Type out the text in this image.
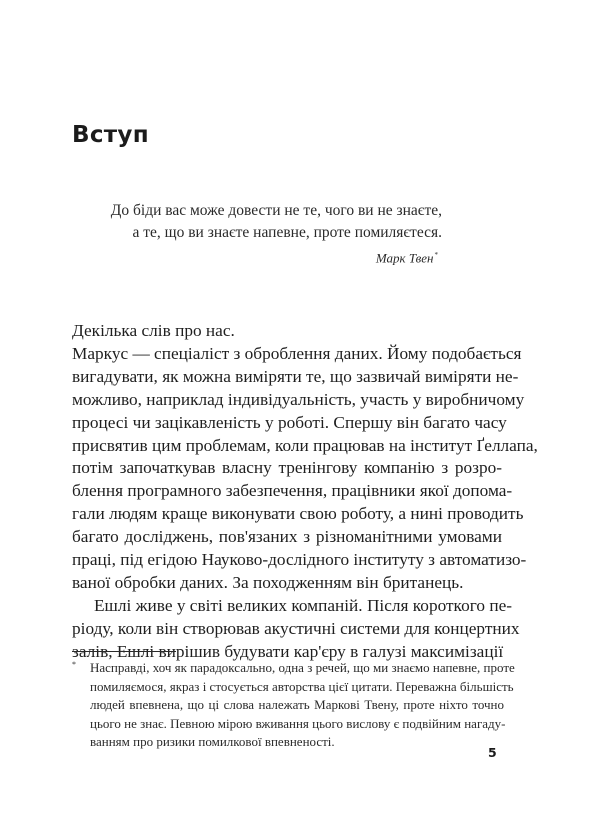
Вступ
До біди вас може довести не те, чого ви не знаєте,
а те, що ви знаєте напевне, проте помиляєтеся.
Марк Твен*
Декілька слів про нас.
Маркус — спеціаліст з оброблення даних. Йому подобається
вигадувати, як можна виміряти те, що зазвичай виміряти не-
можливо, наприклад індивідуальність, участь у виробничому
процесі чи зацікавленість у роботі. Спершу він багато часу
присвятив цим проблемам, коли працював на інститут Ґеллапа,
потім започаткував власну тренінгову компанію з розро-
блення програмного забезпечення, працівники якої допома-
гали людям краще виконувати свою роботу, а нині проводить
багато досліджень, пов'язаних з різноманітними умовами
праці, під егідою Науково-дослідного інституту з автоматизо-
ваної обробки даних. За походженням він британець.
Ешлі живе у світі великих компаній. Після короткого пе-
ріоду, коли він створював акустичні системи для концертних
залів, Ешлі вирішив будувати кар'єру в галузі максимізації
* Насправді, хоч як парадоксально, одна з речей, що ми знаємо напевне, проте
помиляємося, якраз і стосується авторства цієї цитати. Переважна більшість
людей впевнена, що ці слова належать Маркові Твену, проте ніхто точно
цього не знає. Певною мірою вживання цього вислову є подвійним нагаду-
ванням про ризики помилкової впевненості.
5
